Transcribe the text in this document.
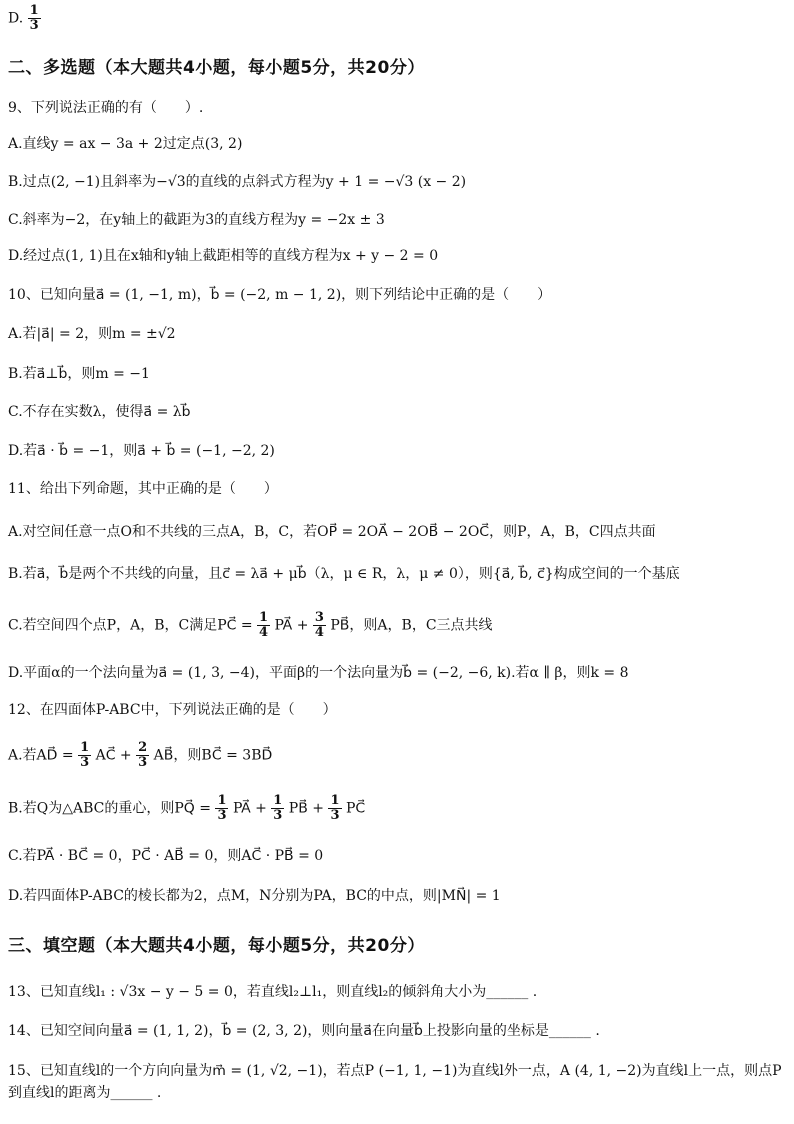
D. $\frac{1}{3}$
二、多选题（本大题共4小题，每小题5分，共20分）
9、下列说法正确的有（　　）.
A.直线y = ax − 3a + 2过定点(3, 2)
B.过点(2, −1)且斜率为−√3的直线的点斜式方程为y + 1 = −√3 (x − 2)
C.斜率为−2，在y轴上的截距为3的直线方程为y = −2x ± 3
D.经过点(1, 1)且在x轴和y轴上截距相等的直线方程为x + y − 2 = 0
10、已知向量a⃗ = (1, −1, m)，b⃗ = (−2, m − 1, 2)，则下列结论中正确的是（　　）
A.若|a⃗| = 2，则m = ±√2
B.若a⃗⊥b⃗，则m = −1
C.不存在实数λ，使得a⃗ = λb⃗
D.若a⃗ · b⃗ = −1，则a⃗ + b⃗ = (−1, −2, 2)
11、给出下列命题，其中正确的是（　　）
A.对空间任意一点O和不共线的三点A，B，C，若OP⃗ = 2OA⃗ − 2OB⃗ − 2OC⃗，则P，A，B，C四点共面
B.若a⃗，b⃗是两个不共线的向量，且c⃗ = λa⃗ + μb⃗（λ，μ ∈ R，λ，μ ≠ 0），则{a⃗, b⃗, c⃗}构成空间的一个基底
C.若空间四个点P，A，B，C满足PC⃗ = $\frac{1}{4}$ PA⃗ + $\frac{3}{4}$ PB⃗，则A，B，C三点共线
D.平面α的一个法向量为a⃗ = (1, 3, −4)，平面β的一个法向量为b⃗ = (−2, −6, k).若α ∥ β，则k = 8
12、在四面体P-ABC中，下列说法正确的是（　　）
A.若AD⃗ = $\frac{1}{3}$ AC⃗ + $\frac{2}{3}$ AB⃗，则BC⃗ = 3BD⃗
B.若Q为△ABC的重心，则PQ⃗ = $\frac{1}{3}$ PA⃗ + $\frac{1}{3}$ PB⃗ + $\frac{1}{3}$ PC⃗
C.若PA⃗ · BC⃗ = 0，PC⃗ · AB⃗ = 0，则AC⃗ · PB⃗ = 0
D.若四面体P-ABC的棱长都为2，点M，N分别为PA，BC的中点，则|MN⃗| = 1
三、填空题（本大题共4小题，每小题5分，共20分）
13、已知直线l₁ : √3x − y − 5 = 0，若直线l₂⊥l₁，则直线l₂的倾斜角大小为______ .
14、已知空间向量a⃗ = (1, 1, 2)，b⃗ = (2, 3, 2)，则向量a⃗在向量b⃗上投影向量的坐标是______ .
15、已知直线l的一个方向向量为m⃗ = (1, √2, −1)，若点P (−1, 1, −1)为直线l外一点，A (4, 1, −2)为直线l上一点，则点P到直线l的距离为______ .
